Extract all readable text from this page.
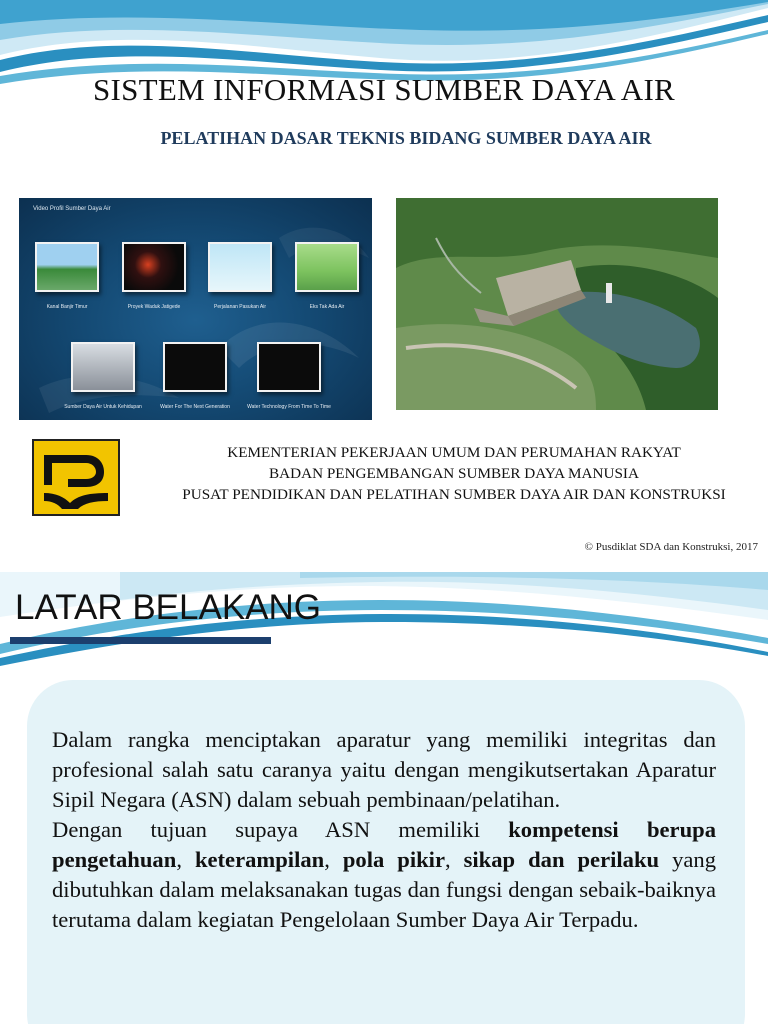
SISTEM INFORMASI SUMBER DAYA AIR
PELATIHAN DASAR TEKNIS BIDANG SUMBER DAYA AIR
Video Profil Sumber Daya Air
Kanal Banjir Timur	Proyek Waduk Jatigede	Perjalanan Pasukan Air	Eks Tak Ada Air
Sumber Daya Air Untuk Kehidupan	Water For The Next Generation	Water Technology From Time To Time
KEMENTERIAN PEKERJAAN UMUM DAN PERUMAHAN RAKYAT
BADAN PENGEMBANGAN SUMBER DAYA MANUSIA
PUSAT PENDIDIKAN DAN PELATIHAN SUMBER DAYA AIR DAN KONSTRUKSI
© Pusdiklat SDA dan Konstruksi, 2017
LATAR BELAKANG

Dalam rangka menciptakan aparatur yang memiliki integritas dan profesional salah satu caranya yaitu dengan mengikutsertakan Aparatur Sipil Negara (ASN) dalam sebuah pembinaan/pelatihan.

Dengan tujuan supaya ASN memiliki kompetensi berupa pengetahuan, keterampilan, pola pikir, sikap dan perilaku yang dibutuhkan dalam melaksanakan tugas dan fungsi dengan sebaik-baiknya terutama dalam kegiatan Pengelolaan Sumber Daya Air Terpadu.
